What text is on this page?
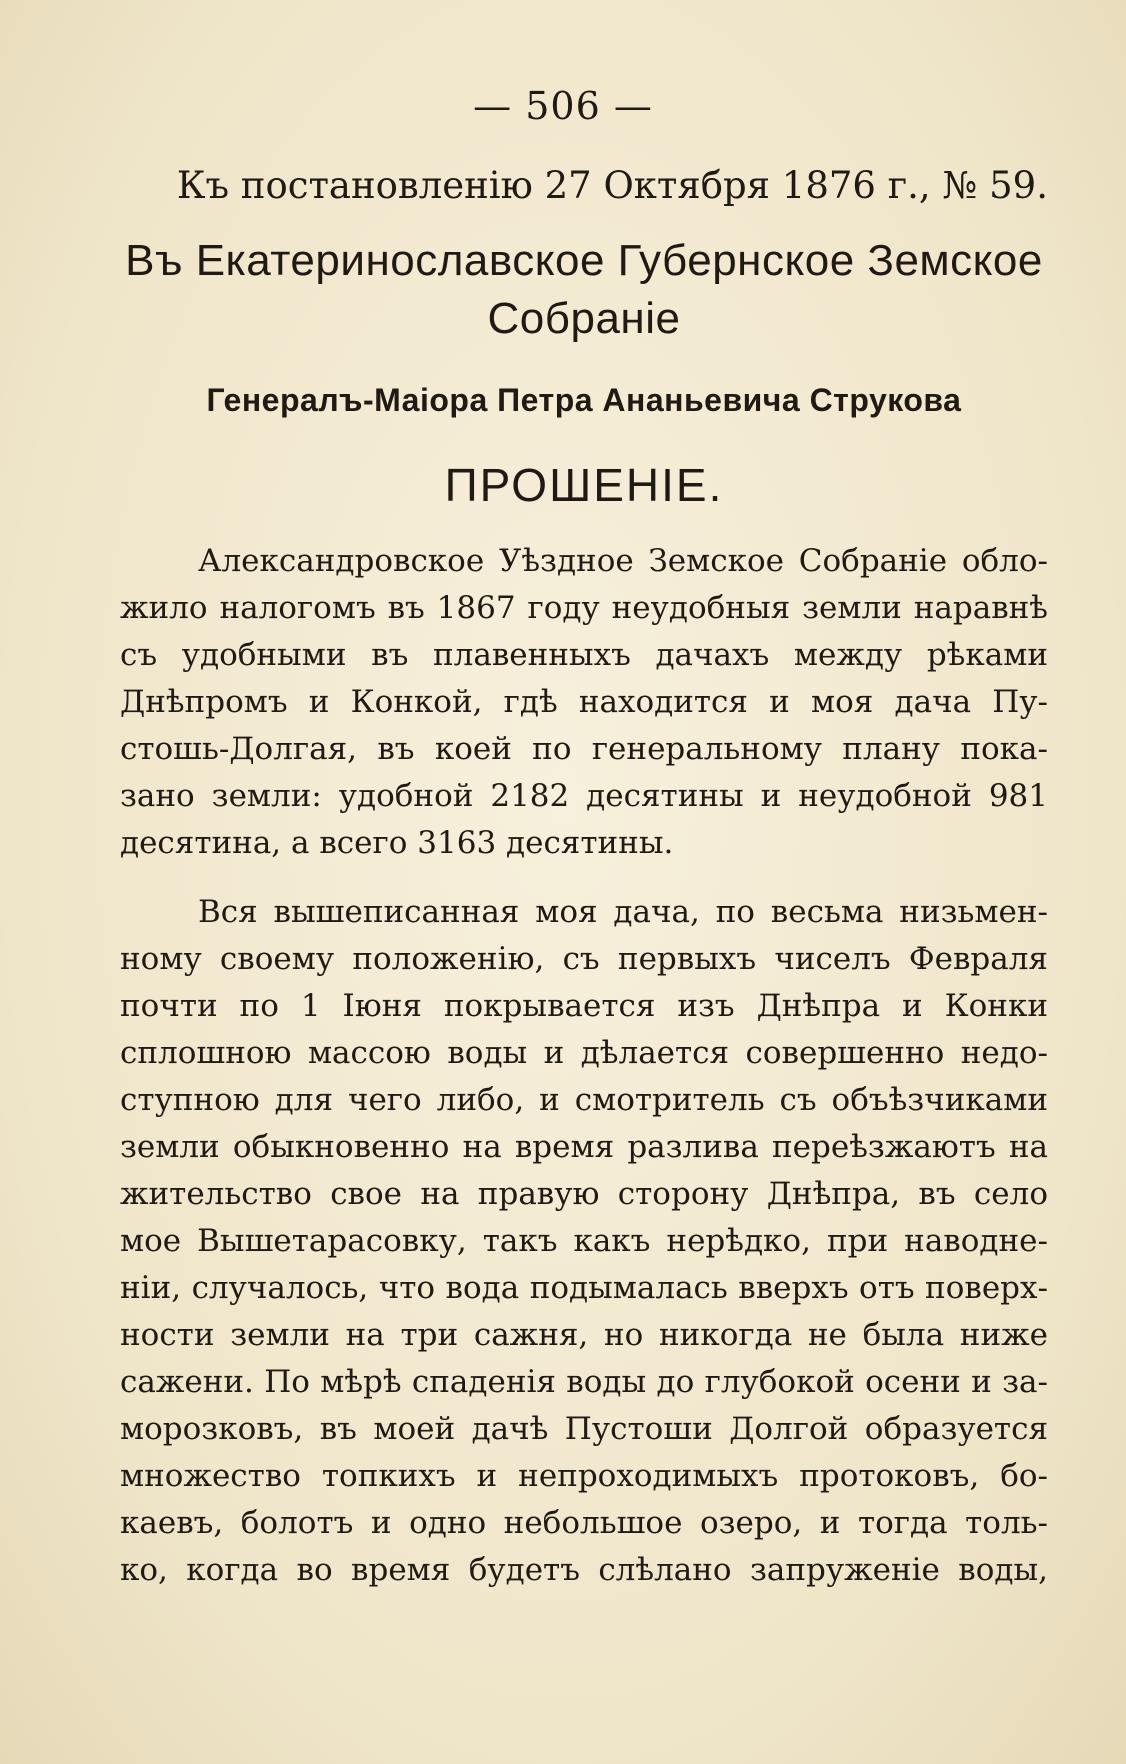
— 506 —
Къ постановленію 27 Октября 1876 г., № 59.
Въ Екатеринославское Губернское Земское
Собраніе
Генералъ-Маіора Петра Ананьевича Струкова
ПРОШЕНІЕ.
Александровское Уѣздное Земское Собраніе обло-
жило налогомъ въ 1867 году неудобныя земли наравнѣ
съ удобными въ плавенныхъ дачахъ между рѣками
Днѣпромъ и Конкой, гдѣ находится и моя дача Пу-
стошь-Долгая, въ коей по генеральному плану пока-
зано земли: удобной 2182 десятины и неудобной 981
десятина, а всего 3163 десятины.
Вся вышеписанная моя дача, по весьма низьмен-
ному своему положенію, съ первыхъ чиселъ Февраля
почти по 1 Іюня покрывается изъ Днѣпра и Конки
сплошною массою воды и дѣлается совершенно недо-
ступною для чего либо, и смотритель съ объѣзчиками
земли обыкновенно на время разлива переѣзжаютъ на
жительство свое на правую сторону Днѣпра, въ село
мое Вышетарасовку, такъ какъ нерѣдко, при наводне-
ніи, случалось, что вода подымалась вверхъ отъ поверх-
ности земли на три сажня, но никогда не была ниже
сажени. По мѣрѣ спаденія воды до глубокой осени и за-
морозковъ, въ моей дачѣ Пустоши Долгой образуется
множество топкихъ и непроходимыхъ протоковъ, бо-
каевъ, болотъ и одно небольшое озеро, и тогда толь-
ко, когда во время будетъ слѣлано запруженіе воды,
